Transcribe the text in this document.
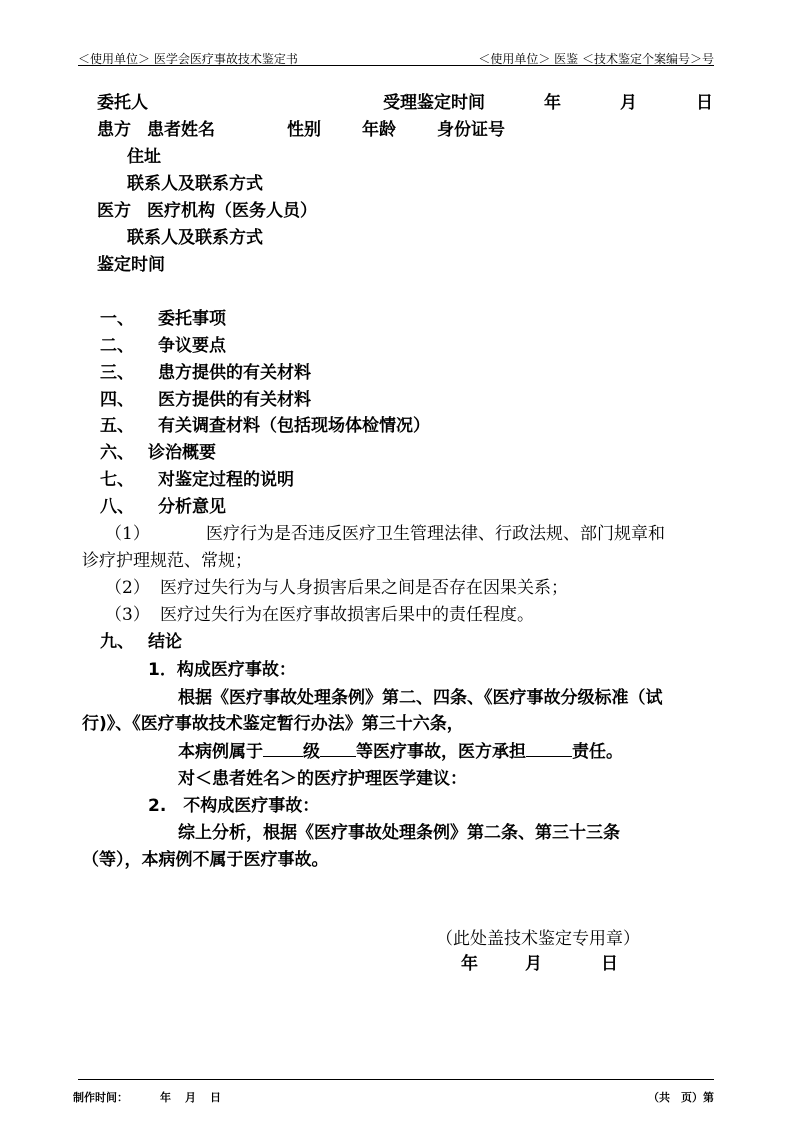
＜使用单位＞ 医学会医疗事故技术鉴定书	＜使用单位＞ 医鉴 ＜技术鉴定个案编号＞号
委托人	受理鉴定时间	年	月	日
患方 患者姓名	性别 年龄 身份证号
住址
联系人及联系方式
医方 医疗机构（医务人员）
联系人及联系方式
鉴定时间
一、 委托事项
二、 争议要点
三、 患方提供的有关材料
四、 医方提供的有关材料
五、 有关调查材料（包括现场体检情况）
六、 诊治概要
七、 对鉴定过程的说明
八、 分析意见
（1）	医疗行为是否违反医疗卫生管理法律、行政法规、部门规章和
诊疗护理规范、常规；
（2） 医疗过失行为与人身损害后果之间是否存在因果关系；
（3） 医疗过失行为在医疗事故损害后果中的责任程度。
九、 结论
1．构成医疗事故：
根据《医疗事故处理条例》第二、四条、《医疗事故分级标准（试
行)》、《医疗事故技术鉴定暂行办法》第三十六条，
本病例属于 级 等医疗事故，医方承担	责任。
对＜患者姓名＞的医疗护理医学建议：
2.　不构成医疗事故：
综上分析，根据《医疗事故处理条例》第二条、第三十三条
（等），本病例不属于医疗事故。
（此处盖技术鉴定专用章）
年	月	日
制作时间：	年 月 日	（共　页）第
